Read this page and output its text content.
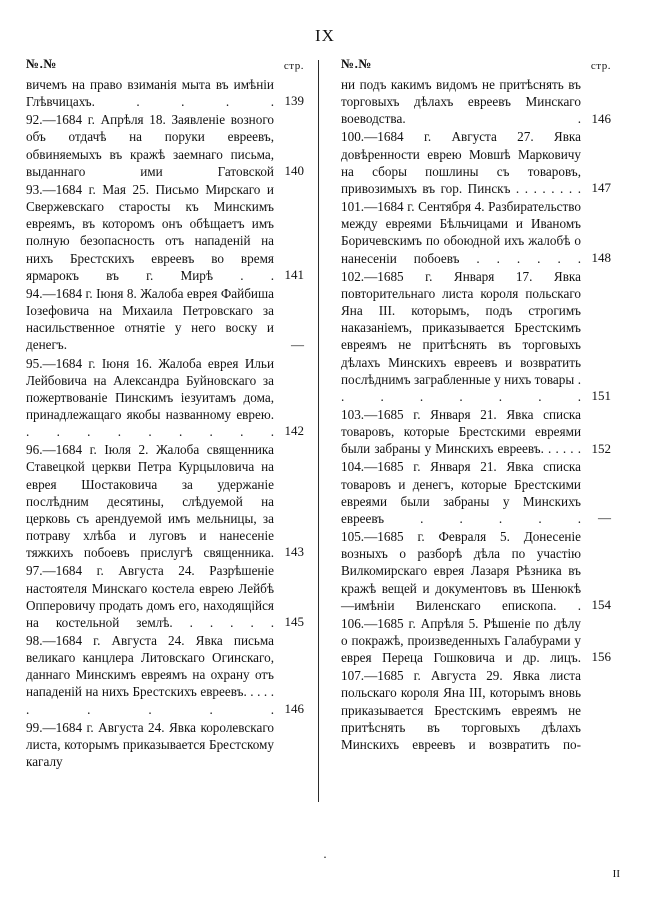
IX
№.№	стр.
вичемъ на право взиманія мыта въ имѣніи Глѣвчицахъ. . . . . 139
92.—1684 г. Апрѣля 18. Заявленіе возного объ отдачѣ на поруки евреевъ, обвиняемыхъ въ кражѣ заемнаго письма, выданнаго ими Гатовской 140
93.—1684 г. Мая 25. Письмо Мирскаго и Свержевскаго старосты къ Минскимъ евреямъ, въ которомъ онъ обѣщаетъ имъ полную безопасность отъ нападеній на нихъ Брестскихъ евреевъ во время ярмарокъ въ г. Мирѣ . . 141
94.—1684 г. Іюня 8. Жалоба еврея Файбиша Іозефовича на Михаила Петровскаго за насильственное отнятіе у него воску и денегъ.	—
95.—1684 г. Іюня 16. Жалоба еврея Ильи Лейбовича на Александра Буйновскаго за пожертвованіе Пинскимъ іезуитамъ дома, принадлежащаго якобы названному еврею. . . . . . . . . . 142
96.—1684 г. Іюля 2. Жалоба священника Ставецкой церкви Петра Курцыловича на еврея Шостаковича за удержаніе послѣдним десятины, слѣдуемой на церковь съ арендуемой имъ мельницы, за потраву хлѣба и луговъ и нанесеніе тяжкихъ побоевъ прислугѣ священника. 143
97.—1684 г. Августа 24. Разрѣшеніе настоятеля Минскаго костела еврею Лейбѣ Опперовичу продать домъ его, находящійся на костельной землѣ. . . . . . 145
98.—1684 г. Августа 24. Явка письма великаго канцлера Литовскаго Огинскаго, даннаго Минскимъ евреямъ на охрану отъ нападеній на нихъ Брестскихъ евреевъ. . . . . . . . . . 146
99.—1684 г. Августа 24. Явка королевскаго листа, которымъ приказывается Брестскому кагалу
№.№	стр.
ни подъ какимъ видомъ не притѣснять въ торговыхъ дѣлахъ евреевъ Минскаго воеводства. . 146
100.—1684 г. Августа 27. Явка довѣренности еврею Мовшѣ Марковичу на сборы пошлины съ товаровъ, привозимыхъ въ гор. Пинскъ . . . . . . . . 147
101.—1684 г. Сентября 4. Разбирательство между евреями Бѣльчицами и Иваномъ Боричевскимъ по обоюдной ихъ жалобѣ о нанесеніи побоевъ . . . . . . 148
102.—1685 г. Января 17. Явка повторительнаго листа короля польскаго Яна III. которымъ, подъ строгимъ наказаніемъ, приказывается Брестскимъ евреямъ не притѣснять въ торговыхъ дѣлахъ Минскихъ евреевъ и возвратить послѣднимъ заграбленные у нихъ товары . . . . . . . . 151
103.—1685 г. Января 21. Явка списка товаровъ, которые Брестскими евреями были забраны у Минскихъ евреевъ. . . . . . 152
104.—1685 г. Января 21. Явка списка товаровъ и денегъ, которые Брестскими евреями были забраны у Минскихъ евреевъ . . . . .	—
105.—1685 г. Февраля 5. Донесеніе возныхъ о разборѣ дѣла по участію Вилкомирскаго еврея Лазаря Рѣзника въ кражѣ вещей и документовъ въ Шенюкѣ—имѣніи Виленскаго епископа. . 154
106.—1685 г. Апрѣля 5. Рѣшеніе по дѣлу о покражѣ, произведенныхъ Галабурами у еврея Переца Гошковича и др. лицъ. 156
107.—1685 г. Августа 29. Явка листа польскаго короля Яна III, которымъ вновь приказывается Брестскимъ евреямъ не притѣснять въ торговыхъ дѣлахъ Минскихъ евреевъ и возвратить по-
.
II
